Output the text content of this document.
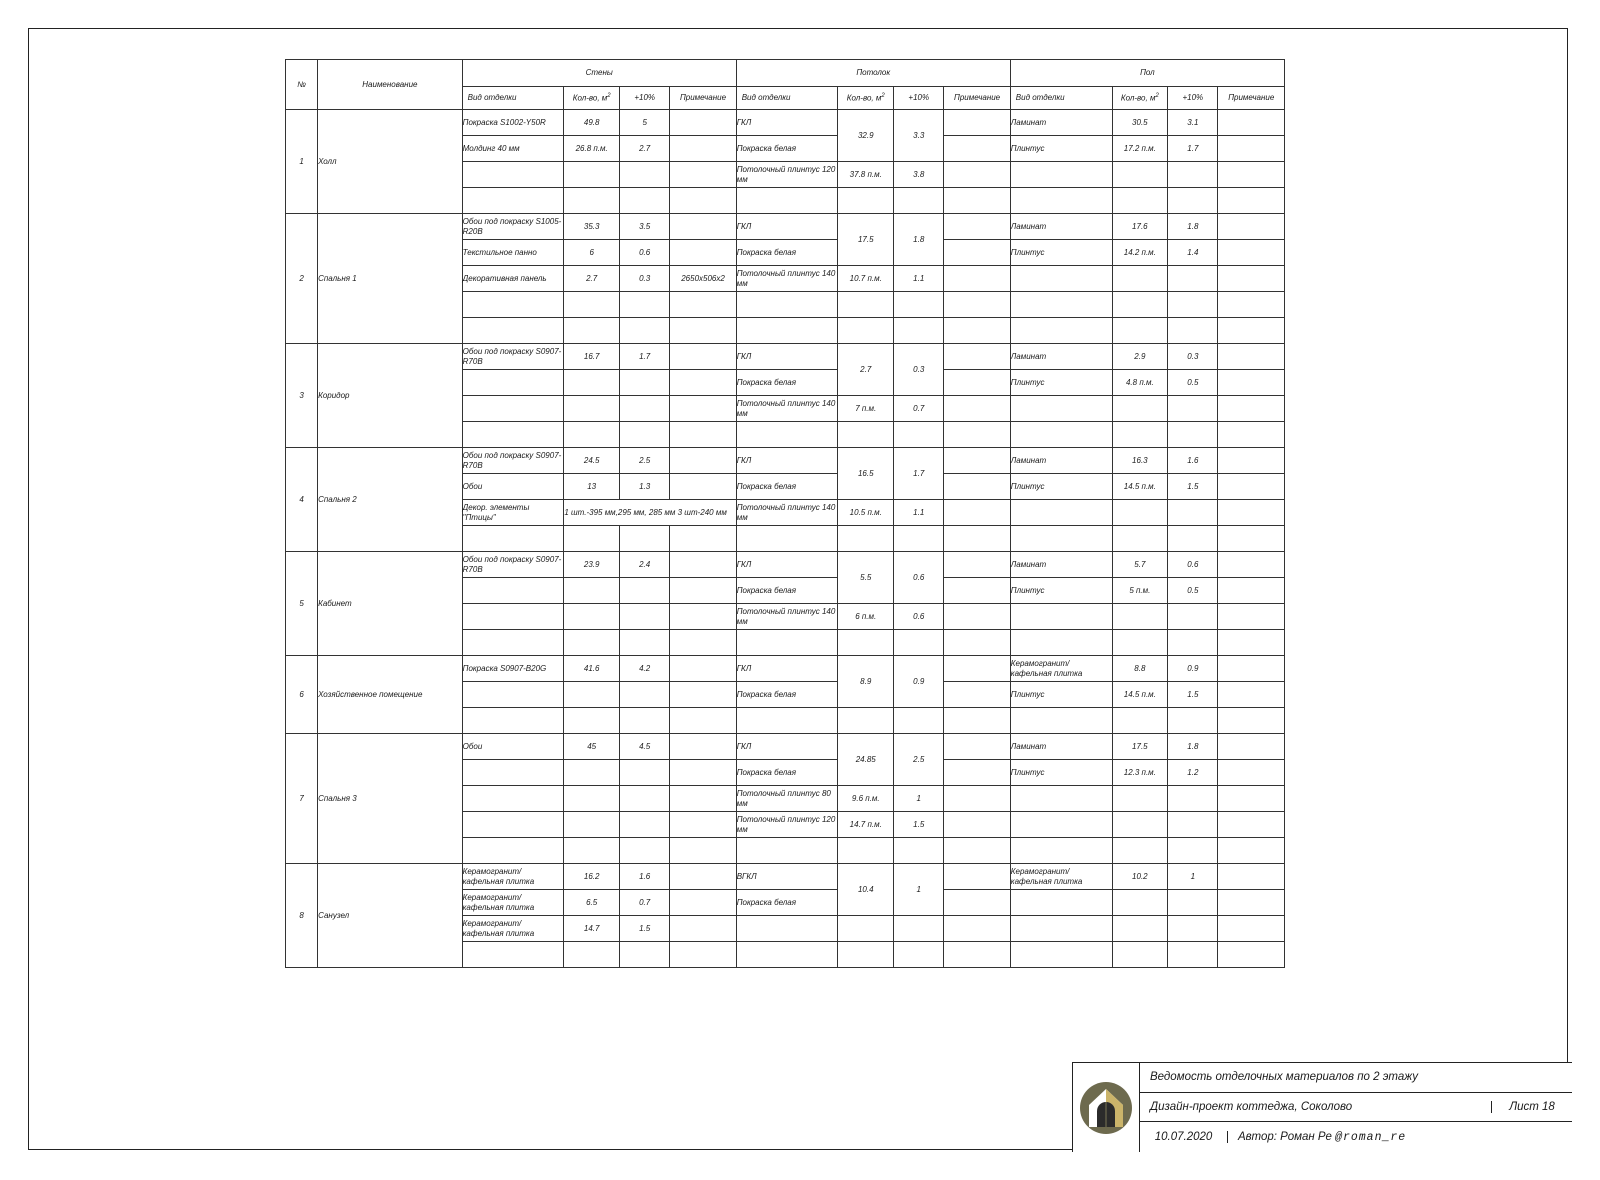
№	Наименование	Стены				Потолок				Пол			
		Вид отделки	Кол-во, $м^2$	+10%	Примечание	Вид отделки	Кол-во, $м^2$	+10%	Примечание	Вид отделки	Кол-во, $м^2$	+10%	Примечание
1	Холл	Покраска S1002-Y50R	49.8	5		ГКЛ	32.9	3.3		Ламинат	30.5	3.1	
		Молдинг 40 мм	26.8 п.м.	2.7		Покраска белая				Плинтус	17.2 п.м.	1.7	
						Потолочный плинтус 120 мм	37.8 п.м.	3.8					

2	Спальня 1	Обои под покраску S1005-R20B	35.3	3.5		ГКЛ	17.5	1.8		Ламинат	17.6	1.8	
		Текстильное панно	6	0.6		Покраска белая				Плинтус	14.2 п.м.	1.4	
		Декоративная панель	2.7	0.3	2650х506х2	Потолочный плинтус 140 мм	10.7 п.м.	1.1					

3	Коридор	Обои под покраску S0907-R70B	16.7	1.7		ГКЛ	2.7	0.3		Ламинат	2.9	0.3	
						Покраска белая				Плинтус	4.8 п.м.	0.5	
						Потолочный плинтус 140 мм	7 п.м.	0.7					

4	Спальня 2	Обои под покраску S0907-R70B	24.5	2.5		ГКЛ	16.5	1.7		Ламинат	16.3	1.6	
		Обои	13	1.3		Покраска белая				Плинтус	14.5 п.м.	1.5	
		Декор. элементы "Птицы"	1 шт.-395 мм,295 мм, 285 мм 3 шт-240 мм			Потолочный плинтус 140 мм	10.5 п.м.	1.1					

5	Кабинет	Обои под покраску S0907-R70B	23.9	2.4		ГКЛ	5.5	0.6		Ламинат	5.7	0.6	
						Покраска белая				Плинтус	5 п.м.	0.5	
						Потолочный плинтус 140 мм	6 п.м.	0.6					

6	Хозяйственное помещение	Покраска S0907-B20G	41.6	4.2		ГКЛ	8.9	0.9		Керамогранит/ кафельная плитка	8.8	0.9	
						Покраска белая				Плинтус	14.5 п.м.	1.5	

7	Спальня 3	Обои	45	4.5		ГКЛ	24.85	2.5		Ламинат	17.5	1.8	
						Покраска белая				Плинтус	12.3 п.м.	1.2	
						Потолочный плинтус 80 мм	9.6 п.м.	1					
						Потолочный плинтус 120 мм	14.7 п.м.	1.5					

8	Санузел	Керамогранит/ кафельная плитка	16.2	1.6		ВГКЛ	10.4	1		Керамогранит/ кафельная плитка	10.2	1	
		Керамогранит/ кафельная плитка	6.5	0.7		Покраска белая							
		Керамогранит/ кафельная плитка	14.7	1.5									

Ведомость отделочных материалов по 2 этажу
Дизайн-проект коттеджа, Соколово	Лист 18
10.07.2020	Автор: Роман Ре @roman_re
